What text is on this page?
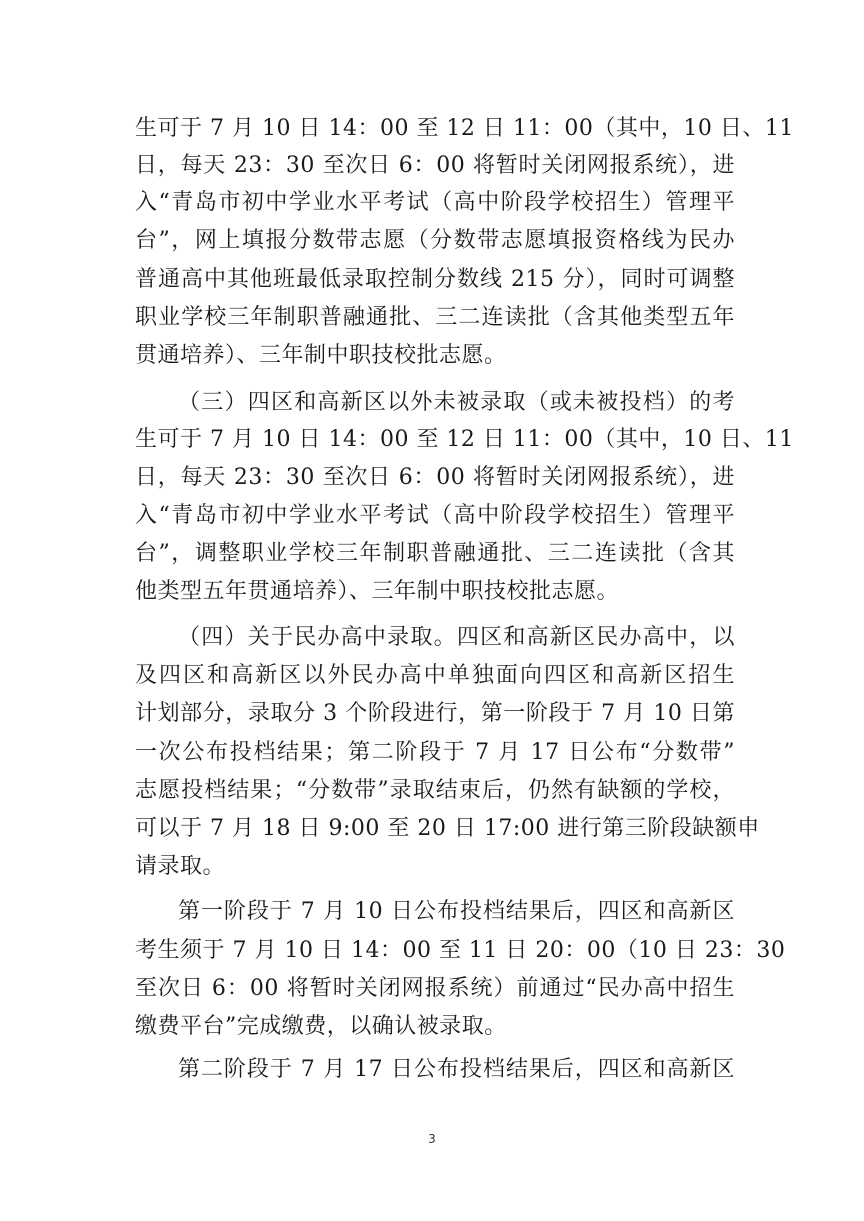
生可于 7 月 10 日 14：00 至 12 日 11：00（其中，10 日、11
日，每天 23：30 至次日 6：00 将暂时关闭网报系统），进
入“青岛市初中学业水平考试（高中阶段学校招生）管理平
台”，网上填报分数带志愿（分数带志愿填报资格线为民办
普通高中其他班最低录取控制分数线 215 分），同时可调整
职业学校三年制职普融通批、三二连读批（含其他类型五年
贯通培养）、三年制中职技校批志愿。
（三）四区和高新区以外未被录取（或未被投档）的考
生可于 7 月 10 日 14：00 至 12 日 11：00（其中，10 日、11
日，每天 23：30 至次日 6：00 将暂时关闭网报系统），进
入“青岛市初中学业水平考试（高中阶段学校招生）管理平
台”，调整职业学校三年制职普融通批、三二连读批（含其
他类型五年贯通培养）、三年制中职技校批志愿。
（四）关于民办高中录取。四区和高新区民办高中，以
及四区和高新区以外民办高中单独面向四区和高新区招生
计划部分，录取分 3 个阶段进行，第一阶段于 7 月 10 日第
一次公布投档结果；第二阶段于 7 月 17 日公布“分数带”
志愿投档结果；“分数带”录取结束后，仍然有缺额的学校，
可以于 7 月 18 日 9:00 至 20 日 17:00 进行第三阶段缺额申
请录取。
第一阶段于 7 月 10 日公布投档结果后，四区和高新区
考生须于 7 月 10 日 14：00 至 11 日 20：00（10 日 23：30
至次日 6：00 将暂时关闭网报系统）前通过“民办高中招生
缴费平台”完成缴费，以确认被录取。
第二阶段于 7 月 17 日公布投档结果后，四区和高新区
3
